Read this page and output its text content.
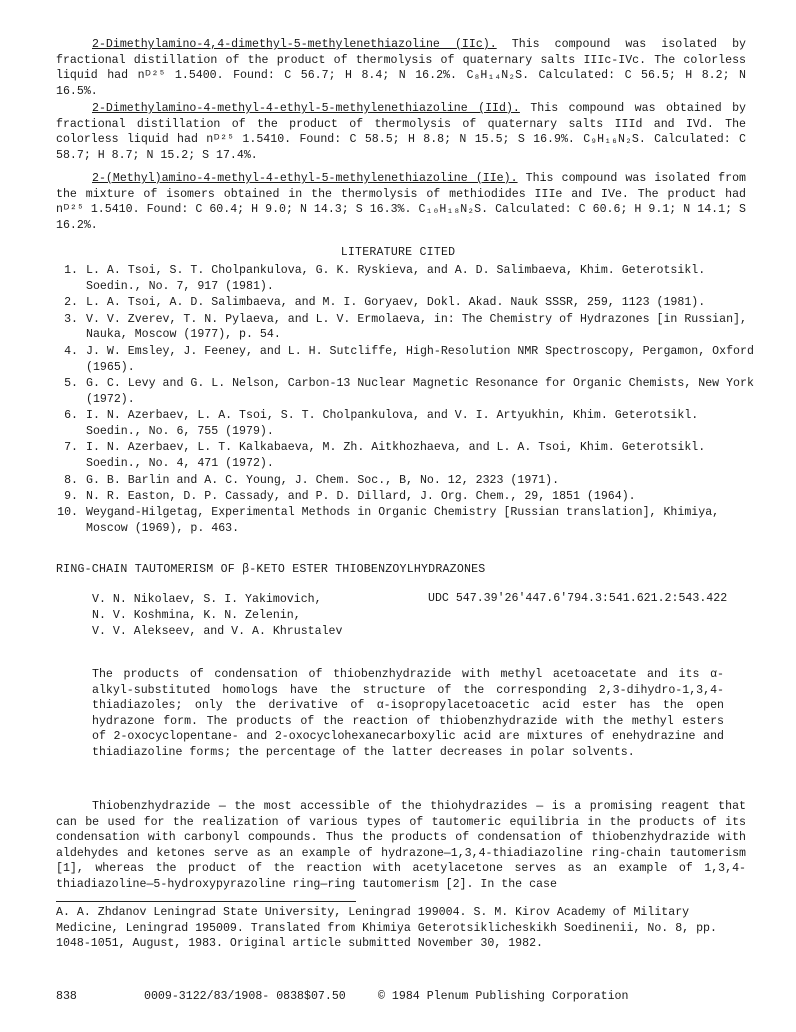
2-Dimethylamino-4,4-dimethyl-5-methylenethiazoline (IIc). This compound was isolated by fractional distillation of the product of thermolysis of quaternary salts IIIc-IVc. The colorless liquid had nᴰ²⁵ 1.5400. Found: C 56.7; H 8.4; N 16.2%. C₈H₁₄N₂S. Calculated: C 56.5; H 8.2; N 16.5%.
2-Dimethylamino-4-methyl-4-ethyl-5-methylenethiazoline (IId). This compound was obtained by fractional distillation of the product of thermolysis of quaternary salts IIId and IVd. The colorless liquid had nᴰ²⁵ 1.5410. Found: C 58.5; H 8.8; N 15.5; S 16.9%. C₉H₁₆N₂S. Calculated: C 58.7; H 8.7; N 15.2; S 17.4%.
2-(Methyl)amino-4-methyl-4-ethyl-5-methylenethiazoline (IIe). This compound was isolated from the mixture of isomers obtained in the thermolysis of methiodides IIIe and IVe. The product had nᴰ²⁵ 1.5410. Found: C 60.4; H 9.0; N 14.3; S 16.3%. C₁₀H₁₈N₂S. Calculated: C 60.6; H 9.1; N 14.1; S 16.2%.
LITERATURE CITED
1. L. A. Tsoi, S. T. Cholpankulova, G. K. Ryskieva, and A. D. Salimbaeva, Khim. Geterotsikl. Soedin., No. 7, 917 (1981).
2. L. A. Tsoi, A. D. Salimbaeva, and M. I. Goryaev, Dokl. Akad. Nauk SSSR, 259, 1123 (1981).
3. V. V. Zverev, T. N. Pylaeva, and L. V. Ermolaeva, in: The Chemistry of Hydrazones [in Russian], Nauka, Moscow (1977), p. 54.
4. J. W. Emsley, J. Feeney, and L. H. Sutcliffe, High-Resolution NMR Spectroscopy, Pergamon, Oxford (1965).
5. G. C. Levy and G. L. Nelson, Carbon-13 Nuclear Magnetic Resonance for Organic Chemists, New York (1972).
6. I. N. Azerbaev, L. A. Tsoi, S. T. Cholpankulova, and V. I. Artyukhin, Khim. Geterotsikl. Soedin., No. 6, 755 (1979).
7. I. N. Azerbaev, L. T. Kalkabaeva, M. Zh. Aitkhozhaeva, and L. A. Tsoi, Khim. Geterotsikl. Soedin., No. 4, 471 (1972).
8. G. B. Barlin and A. C. Young, J. Chem. Soc., B, No. 12, 2323 (1971).
9. N. R. Easton, D. P. Cassady, and P. D. Dillard, J. Org. Chem., 29, 1851 (1964).
10. Weygand-Hilgetag, Experimental Methods in Organic Chemistry [Russian translation], Khimiya, Moscow (1969), p. 463.
RING-CHAIN TAUTOMERISM OF β-KETO ESTER THIOBENZOYLHYDRAZONES
V. N. Nikolaev, S. I. Yakimovich,
N. V. Koshmina, K. N. Zelenin,
V. V. Alekseev, and V. A. Khrustalev
UDC 547.39'26'447.6'794.3:541.621.2:543.422
The products of condensation of thiobenzhydrazide with methyl acetoacetate and its α-alkyl-substituted homologs have the structure of the corresponding 2,3-dihydro-1,3,4-thiadiazoles; only the derivative of α-isopropylacetoacetic acid ester has the open hydrazone form. The products of the reaction of thiobenzhydrazide with the methyl esters of 2-oxocyclopentane- and 2-oxocyclohexanecarboxylic acid are mixtures of enehydrazine and thiadiazoline forms; the percentage of the latter decreases in polar solvents.
Thiobenzhydrazide — the most accessible of the thiohydrazides — is a promising reagent that can be used for the realization of various types of tautomeric equilibria in the products of its condensation with carbonyl compounds. Thus the products of condensation of thiobenzhydrazide with aldehydes and ketones serve as an example of hydrazone—1,3,4-thiadiazoline ring-chain tautomerism [1], whereas the product of the reaction with acetylacetone serves as an example of 1,3,4-thiadiazoline—5-hydroxypyrazoline ring—ring tautomerism [2]. In the case
A. A. Zhdanov Leningrad State University, Leningrad 199004. S. M. Kirov Academy of Military Medicine, Leningrad 195009. Translated from Khimiya Geterotsiklicheskikh Soedinenii, No. 8, pp. 1048-1051, August, 1983. Original article submitted November 30, 1982.
838	0009-3122/83/1908- 0838$07.50	© 1984 Plenum Publishing Corporation
